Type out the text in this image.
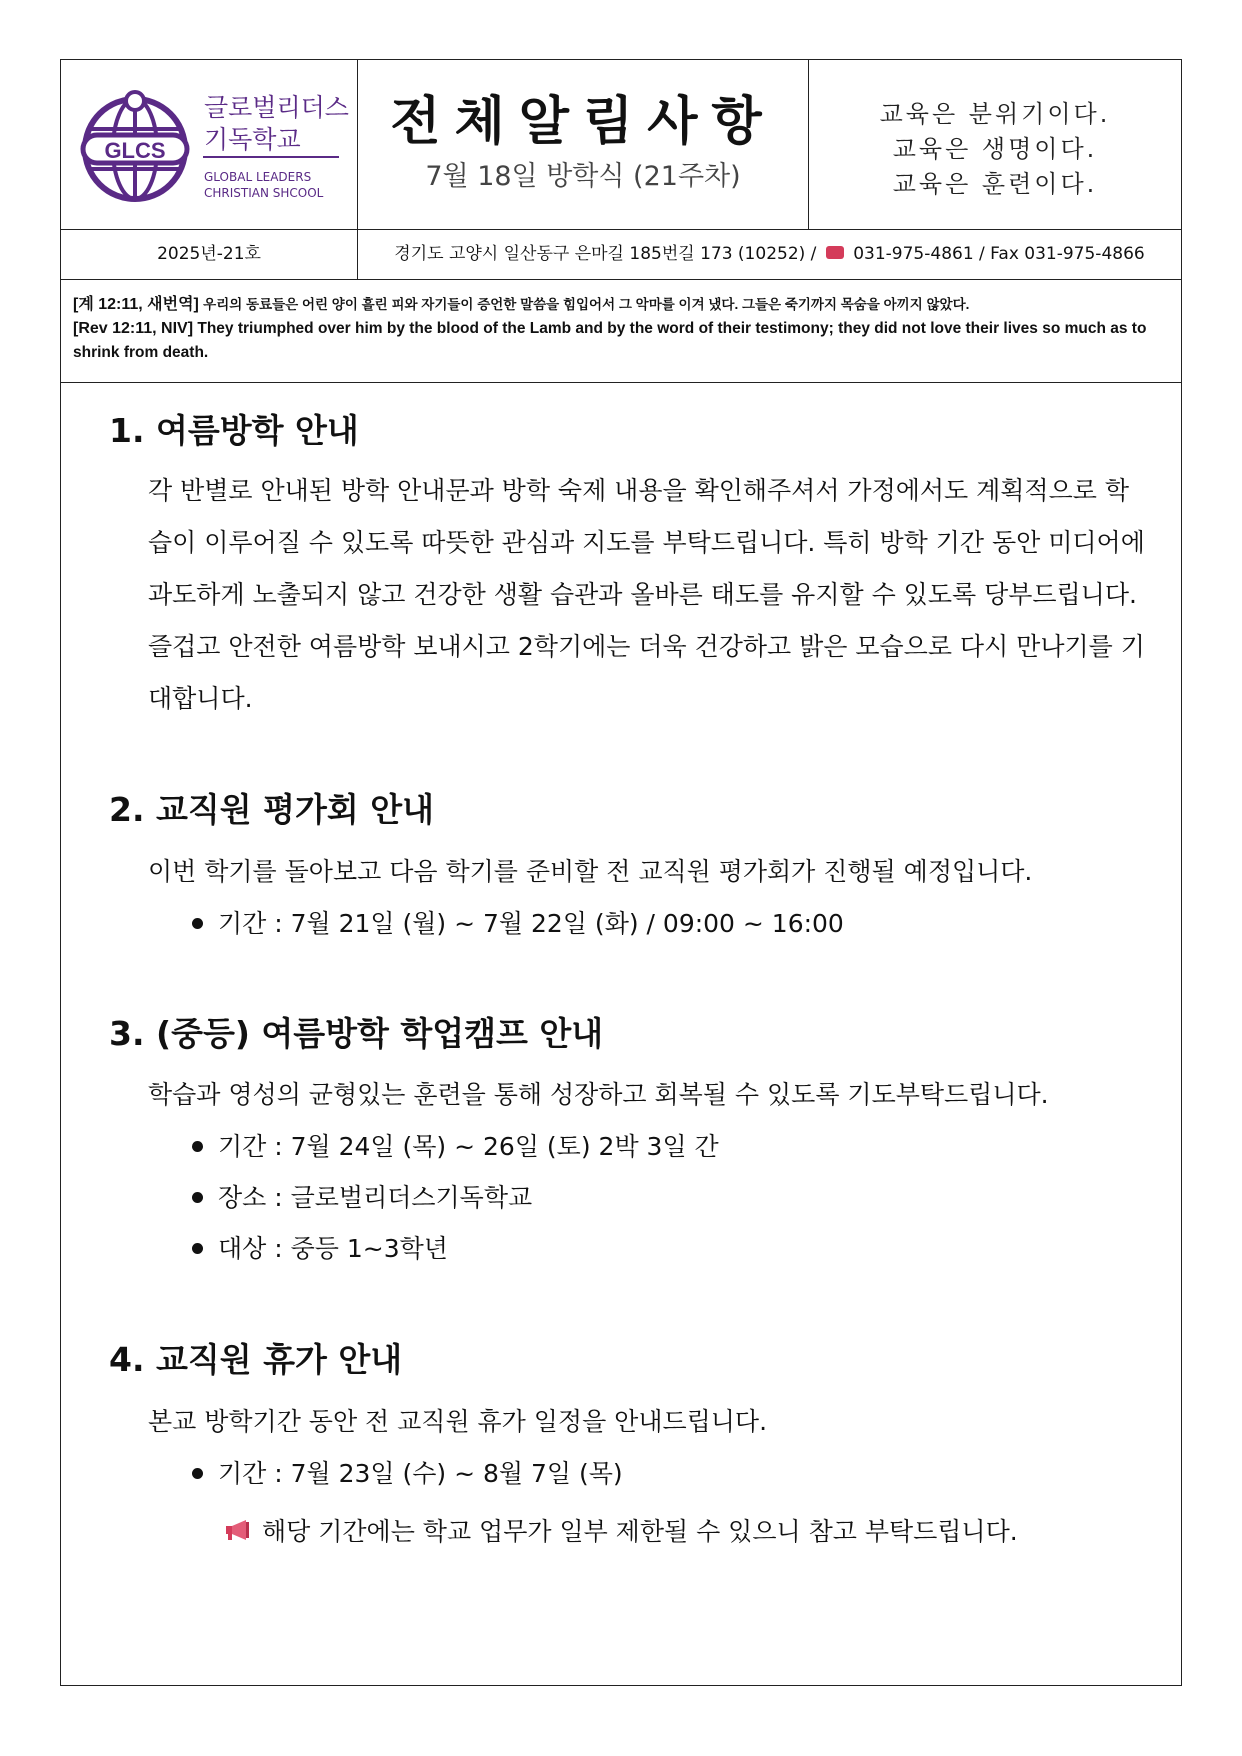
GLCS
글로벌리더스
기독학교
GLOBAL LEADERS
CHRISTIAN SHCOOL
전체알림사항
7월 18일 방학식 (21주차)
교육은 분위기이다.
교육은 생명이다.
교육은 훈련이다.
2025년-21호	경기도 고양시 일산동구 은마길 185번길 173 (10252) / 031-975-4861 / Fax 031-975-4866
[계 12:11, 새번역] 우리의 동료들은 어린 양이 흘린 피와 자기들이 증언한 말씀을 힘입어서 그 악마를 이겨 냈다. 그들은 죽기까지 목숨을 아끼지 않았다.
[Rev 12:11, NIV] They triumphed over him by the blood of the Lamb and by the word of their testimony; they did not love their lives so much as to shrink from death.
1. 여름방학 안내
각 반별로 안내된 방학 안내문과 방학 숙제 내용을 확인해주셔서 가정에서도 계획적으로 학습이 이루어질 수 있도록 따뜻한 관심과 지도를 부탁드립니다. 특히 방학 기간 동안 미디어에 과도하게 노출되지 않고 건강한 생활 습관과 올바른 태도를 유지할 수 있도록 당부드립니다. 즐겁고 안전한 여름방학 보내시고 2학기에는 더욱 건강하고 밝은 모습으로 다시 만나기를 기대합니다.
2. 교직원 평가회 안내
이번 학기를 돌아보고 다음 학기를 준비할 전 교직원 평가회가 진행될 예정입니다.
기간 : 7월 21일 (월) ~ 7월 22일 (화) / 09:00 ~ 16:00
3. (중등) 여름방학 학업캠프 안내
학습과 영성의 균형있는 훈련을 통해 성장하고 회복될 수 있도록 기도부탁드립니다.
기간 : 7월 24일 (목) ~ 26일 (토) 2박 3일 간
장소 : 글로벌리더스기독학교
대상 : 중등 1~3학년
4. 교직원 휴가 안내
본교 방학기간 동안 전 교직원 휴가 일정을 안내드립니다.
기간 : 7월 23일 (수) ~ 8월 7일 (목)
해당 기간에는 학교 업무가 일부 제한될 수 있으니 참고 부탁드립니다.
